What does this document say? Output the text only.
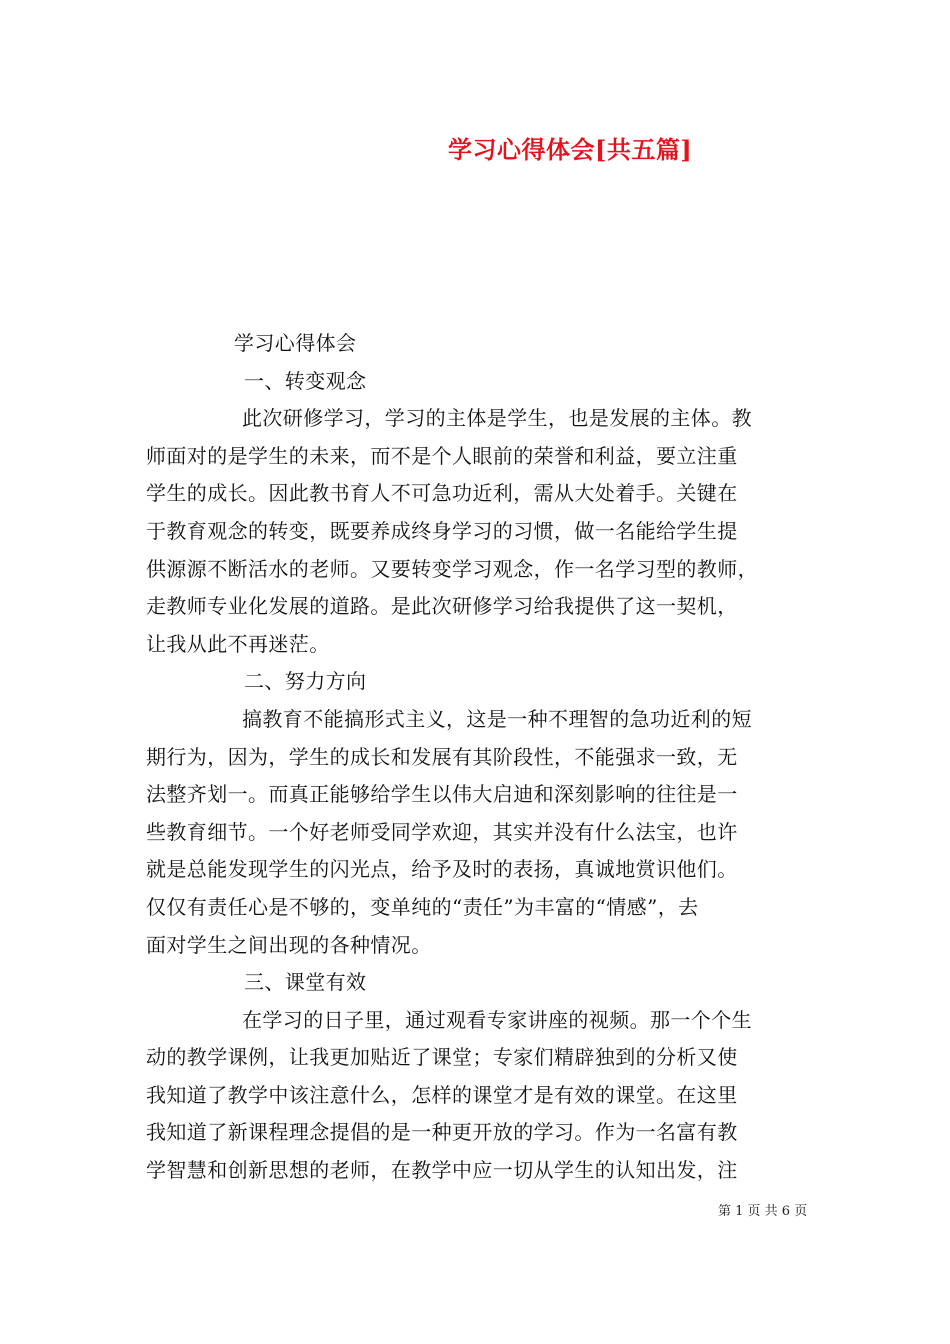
学习心得体会[共五篇]
学习心得体会
一、转变观念
此次研修学习，学习的主体是学生，也是发展的主体。教
师面对的是学生的未来，而不是个人眼前的荣誉和利益，要立注重
学生的成长。因此教书育人不可急功近利，需从大处着手。关键在
于教育观念的转变，既要养成终身学习的习惯，做一名能给学生提
供源源不断活水的老师。又要转变学习观念，作一名学习型的教师，
走教师专业化发展的道路。是此次研修学习给我提供了这一契机，
让我从此不再迷茫。
二、努力方向
搞教育不能搞形式主义，这是一种不理智的急功近利的短
期行为，因为，学生的成长和发展有其阶段性，不能强求一致，无
法整齐划一。而真正能够给学生以伟大启迪和深刻影响的往往是一
些教育细节。一个好老师受同学欢迎，其实并没有什么法宝，也许
就是总能发现学生的闪光点，给予及时的表扬，真诚地赏识他们。
仅仅有责任心是不够的，变单纯的“责任”为丰富的“情感”，去
面对学生之间出现的各种情况。
三、课堂有效
在学习的日子里，通过观看专家讲座的视频。那一个个生
动的教学课例，让我更加贴近了课堂；专家们精辟独到的分析又使
我知道了教学中该注意什么，怎样的课堂才是有效的课堂。在这里
我知道了新课程理念提倡的是一种更开放的学习。作为一名富有教
学智慧和创新思想的老师，在教学中应一切从学生的认知出发，注
第 1 页 共 6 页
